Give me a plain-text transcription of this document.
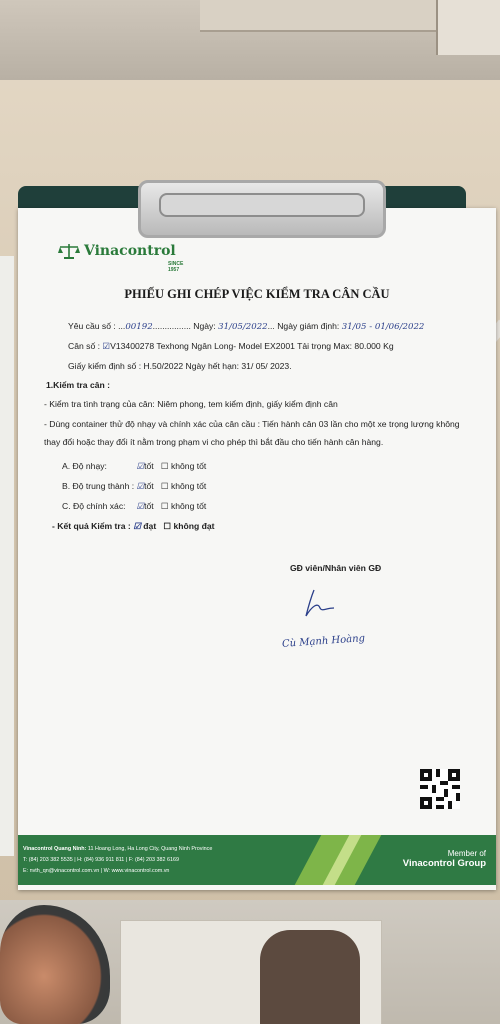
Vinacontrol
SINCE 1957
PHIẾU GHI CHÉP VIỆC KIỂM TRA CÂN CẦU
Yêu cầu số : ...00192................ Ngày: 31/05/2022... Ngày giám định: 31/05 - 01/06/2022
Cân số : ☑V13400278 Texhong Ngân Long- Model EX2001 Tải trọng Max: 80.000 Kg
Giấy kiểm định số : H.50/2022 Ngày hết hạn: 31/ 05/ 2023.
1.Kiểm tra cân :
- Kiểm tra tình trạng của cân: Niêm phong, tem kiểm định, giấy kiểm định cân
- Dùng container thử độ nhạy và chính xác của cân cầu : Tiến hành cân 03 lần cho một xe trọng lượng không
thay đổi hoặc thay đổi ít nằm trong phạm vi cho phép thì bắt đầu cho tiến hành cân hàng.
A. Độ nhạy:	☑tốt ☐ không tốt
B. Độ trung thành : ☑tốt ☐ không tốt
C. Độ chính xác: ☑tốt ☐ không tốt
- Kết quả Kiểm tra : ☑ đạt ☐ không đạt
GĐ viên/Nhân viên GĐ
Cù Mạnh Hoàng
Vinacontrol Quang Ninh: 11 Hoang Long, Ha Long City, Quang Ninh Province
T: (84) 203 382 5535 | H: (84) 936 911 811 | F: (84) 203 382 6169
E: nvth_qn@vinacontrol.com.vn | W: www.vinacontrol.com.vn
Member of
Vinacontrol Group
